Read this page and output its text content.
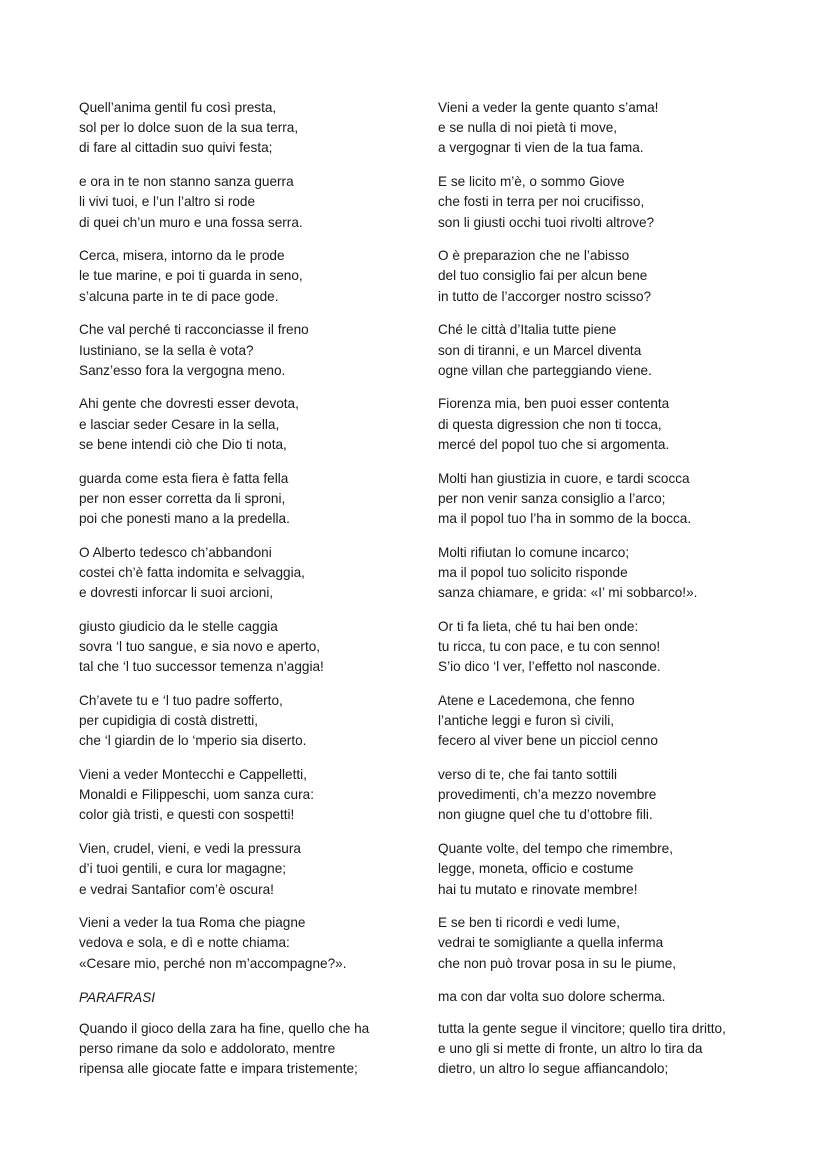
Quell’anima gentil fu così presta,
sol per lo dolce suon de la sua terra,
di fare al cittadin suo quivi festa;
e ora in te non stanno sanza guerra
li vivi tuoi, e l’un l’altro si rode
di quei ch’un muro e una fossa serra.
Cerca, misera, intorno da le prode
le tue marine, e poi ti guarda in seno,
s’alcuna parte in te di pace gode.
Che val perché ti racconciasse il freno
Iustiniano, se la sella è vota?
Sanz’esso fora la vergogna meno.
Ahi gente che dovresti esser devota,
e lasciar seder Cesare in la sella,
se bene intendi ciò che Dio ti nota,
guarda come esta fiera è fatta fella
per non esser corretta da li sproni,
poi che ponesti mano a la predella.
O Alberto tedesco ch’abbandoni
costei ch’è fatta indomita e selvaggia,
e dovresti inforcar li suoi arcioni,
giusto giudicio da le stelle caggia
sovra ‘l tuo sangue, e sia novo e aperto,
tal che ‘l tuo successor temenza n’aggia!
Ch’avete tu e ‘l tuo padre sofferto,
per cupidigia di costà distretti,
che ‘l giardin de lo ‘mperio sia diserto.
Vieni a veder Montecchi e Cappelletti,
Monaldi e Filippeschi, uom sanza cura:
color già tristi, e questi con sospetti!
Vien, crudel, vieni, e vedi la pressura
d’i tuoi gentili, e cura lor magagne;
e vedrai Santafior com’è oscura!
Vieni a veder la tua Roma che piagne
vedova e sola, e dì e notte chiama:
«Cesare mio, perché non m’accompagne?».
Vieni a veder la gente quanto s’ama!
e se nulla di noi pietà ti move,
a vergognar ti vien de la tua fama.
E se licito m’è, o sommo Giove
che fosti in terra per noi crucifisso,
son li giusti occhi tuoi rivolti altrove?
O è preparazion che ne l’abisso
del tuo consiglio fai per alcun bene
in tutto de l’accorger nostro scisso?
Ché le città d’Italia tutte piene
son di tiranni, e un Marcel diventa
ogne villan che parteggiando viene.
Fiorenza mia, ben puoi esser contenta
di questa digression che non ti tocca,
mercé del popol tuo che si argomenta.
Molti han giustizia in cuore, e tardi scocca
per non venir sanza consiglio a l’arco;
ma il popol tuo l’ha in sommo de la bocca.
Molti rifiutan lo comune incarco;
ma il popol tuo solicito risponde
sanza chiamare, e grida: «I’ mi sobbarco!».
Or ti fa lieta, ché tu hai ben onde:
tu ricca, tu con pace, e tu con senno!
S’io dico ‘l ver, l’effetto nol nasconde.
Atene e Lacedemona, che fenno
l’antiche leggi e furon sì civili,
fecero al viver bene un picciol cenno
verso di te, che fai tanto sottili
provedimenti, ch’a mezzo novembre
non giugne quel che tu d’ottobre fili.
Quante volte, del tempo che rimembre,
legge, moneta, officio e costume
hai tu mutato e rinovate membre!
E se ben ti ricordi e vedi lume,
vedrai te somigliante a quella inferma
che non può trovar posa in su le piume,
ma con dar volta suo dolore scherma.
PARAFRASI
Quando il gioco della zara ha fine, quello che ha
perso rimane da solo e addolorato, mentre
ripensa alle giocate fatte e impara tristemente;
tutta la gente segue il vincitore; quello tira dritto,
e uno gli si mette di fronte, un altro lo tira da
dietro, un altro lo segue affiancandolo;
